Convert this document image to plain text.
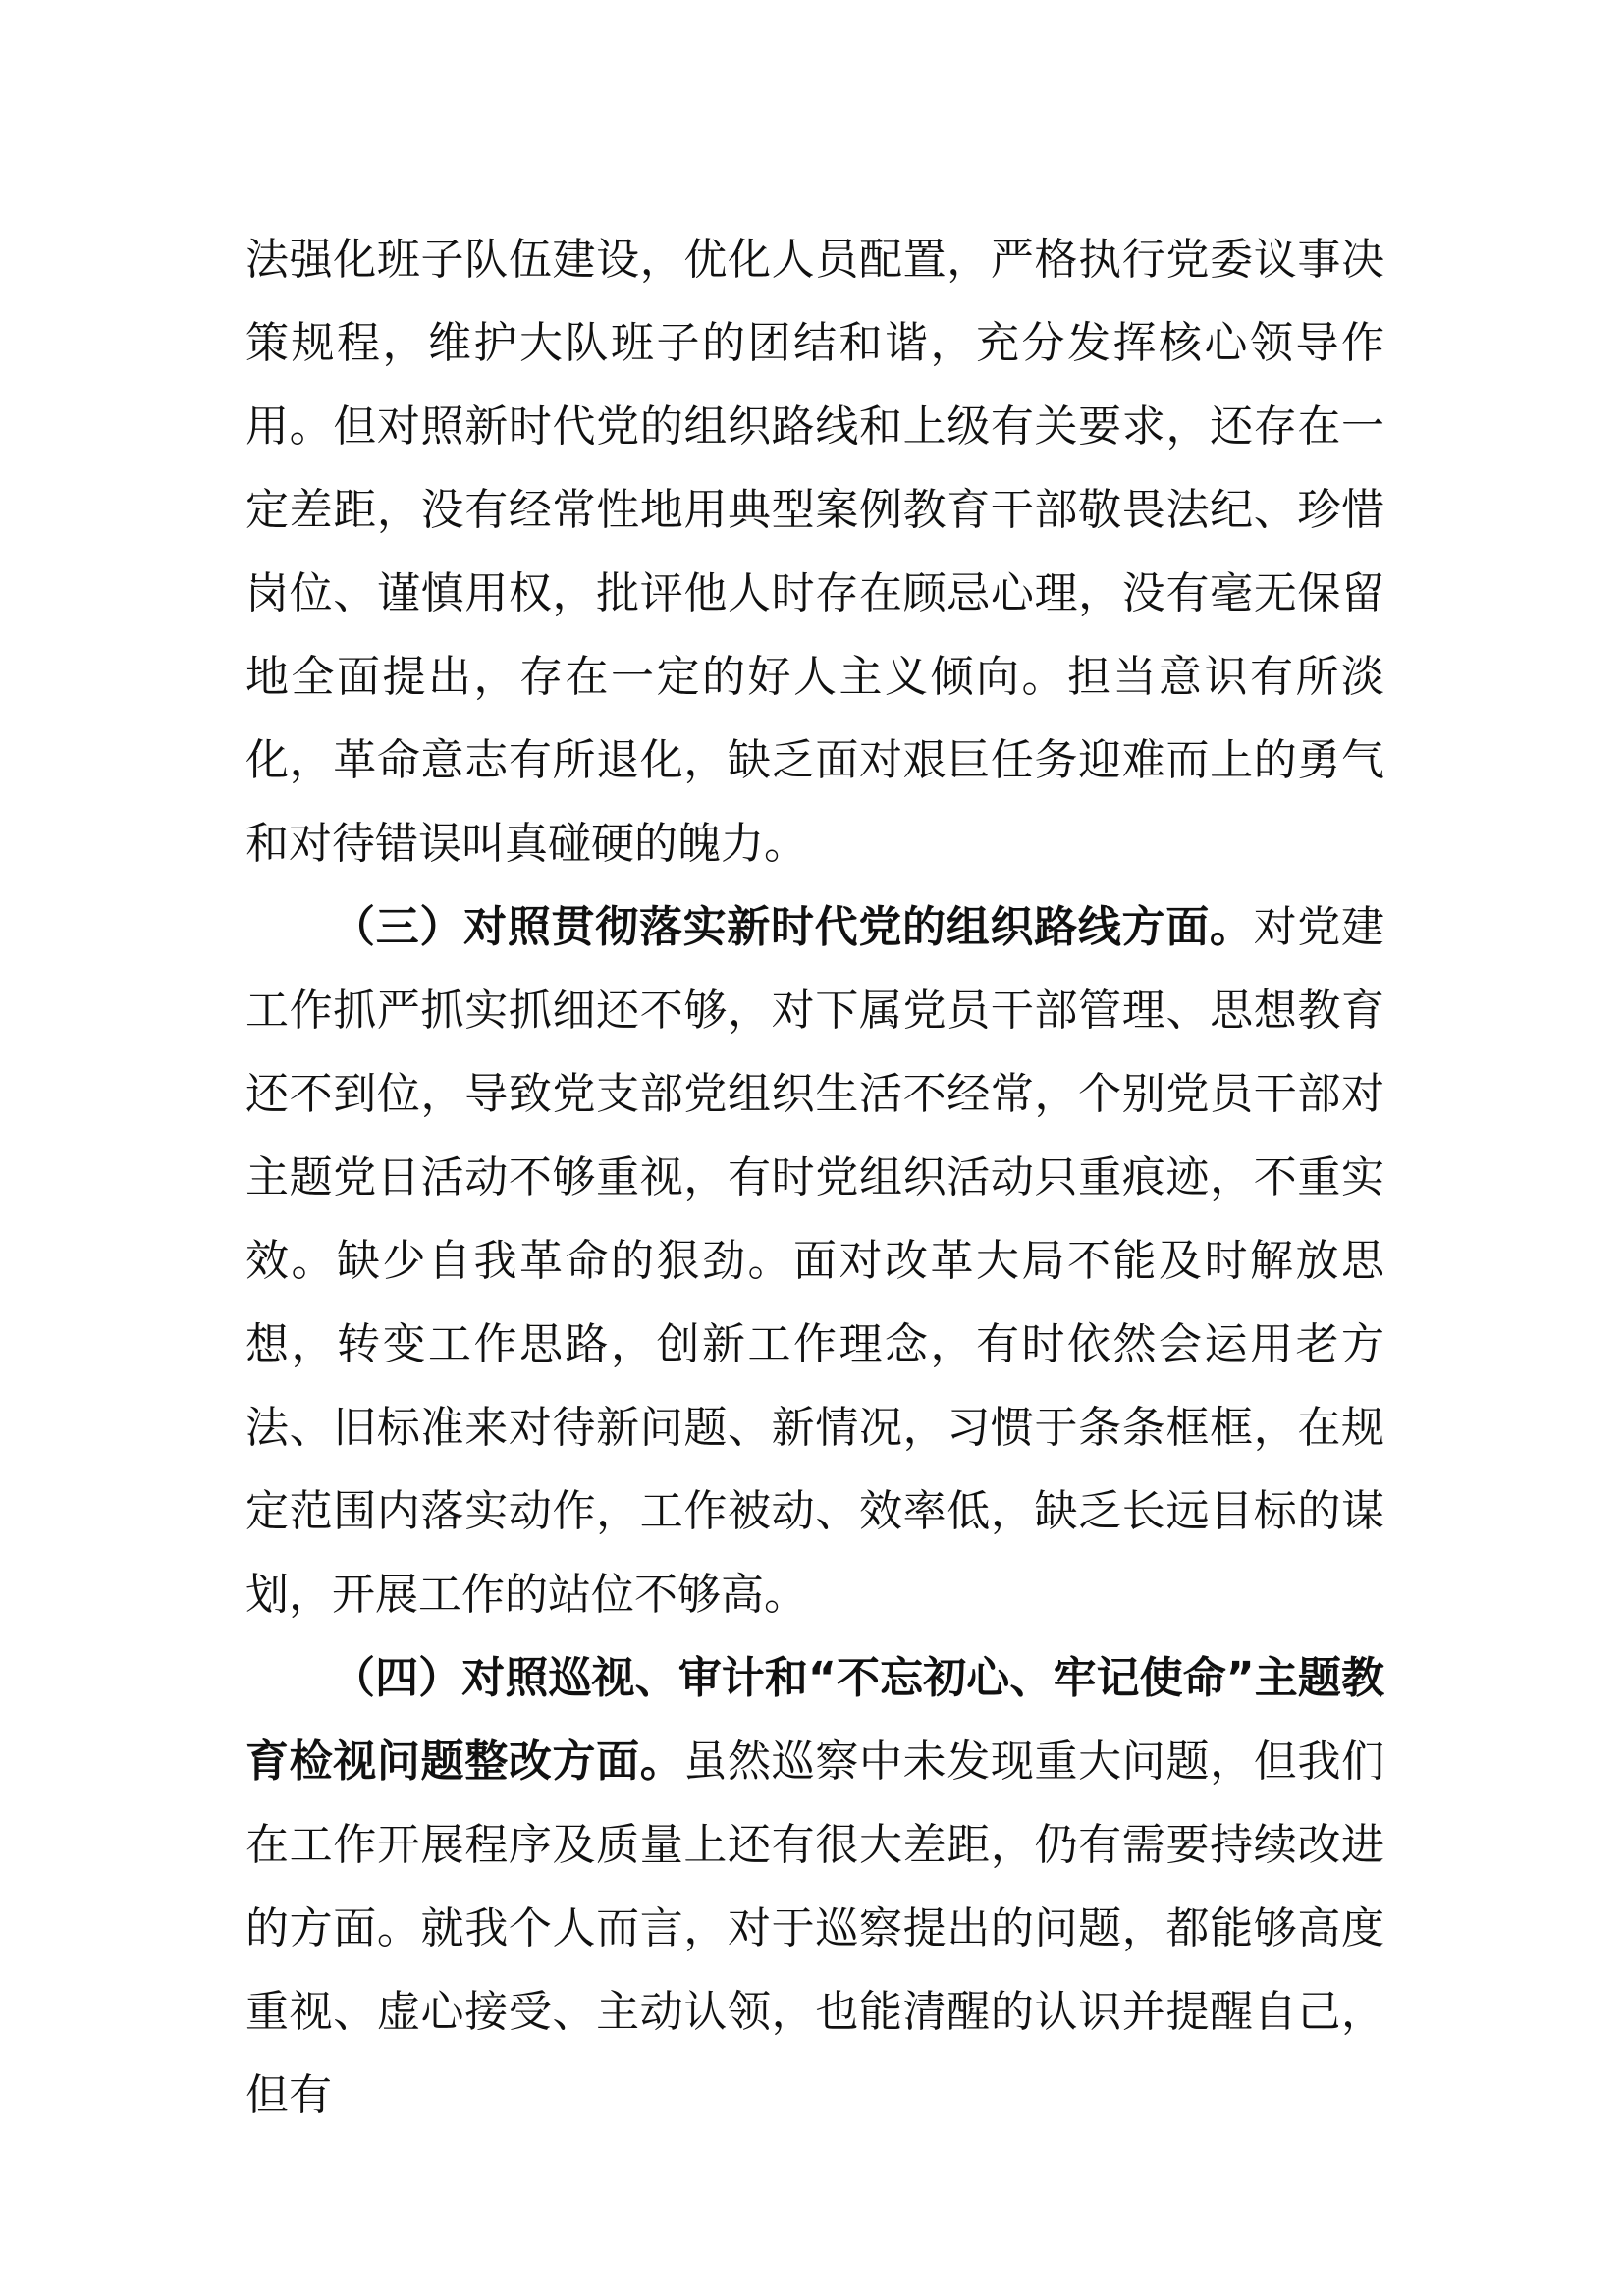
法强化班子队伍建设，优化人员配置，严格执行党委议事决策规程，维护大队班子的团结和谐，充分发挥核心领导作用。但对照新时代党的组织路线和上级有关要求，还存在一定差距，没有经常性地用典型案例教育干部敬畏法纪、珍惜岗位、谨慎用权，批评他人时存在顾忌心理，没有毫无保留地全面提出，存在一定的好人主义倾向。担当意识有所淡化，革命意志有所退化，缺乏面对艰巨任务迎难而上的勇气和对待错误叫真碰硬的魄力。

（三）对照贯彻落实新时代党的组织路线方面。对党建工作抓严抓实抓细还不够，对下属党员干部管理、思想教育还不到位，导致党支部党组织生活不经常，个别党员干部对主题党日活动不够重视，有时党组织活动只重痕迹，不重实效。缺少自我革命的狠劲。面对改革大局不能及时解放思想，转变工作思路，创新工作理念，有时依然会运用老方法、旧标准来对待新问题、新情况，习惯于条条框框，在规定范围内落实动作，工作被动、效率低，缺乏长远目标的谋划，开展工作的站位不够高。

（四）对照巡视、审计和“不忘初心、牢记使命”主题教育检视问题整改方面。虽然巡察中未发现重大问题，但我们在工作开展程序及质量上还有很大差距，仍有需要持续改进的方面。就我个人而言，对于巡察提出的问题，都能够高度重视、虚心接受、主动认领，也能清醒的认识并提醒自己，但有
